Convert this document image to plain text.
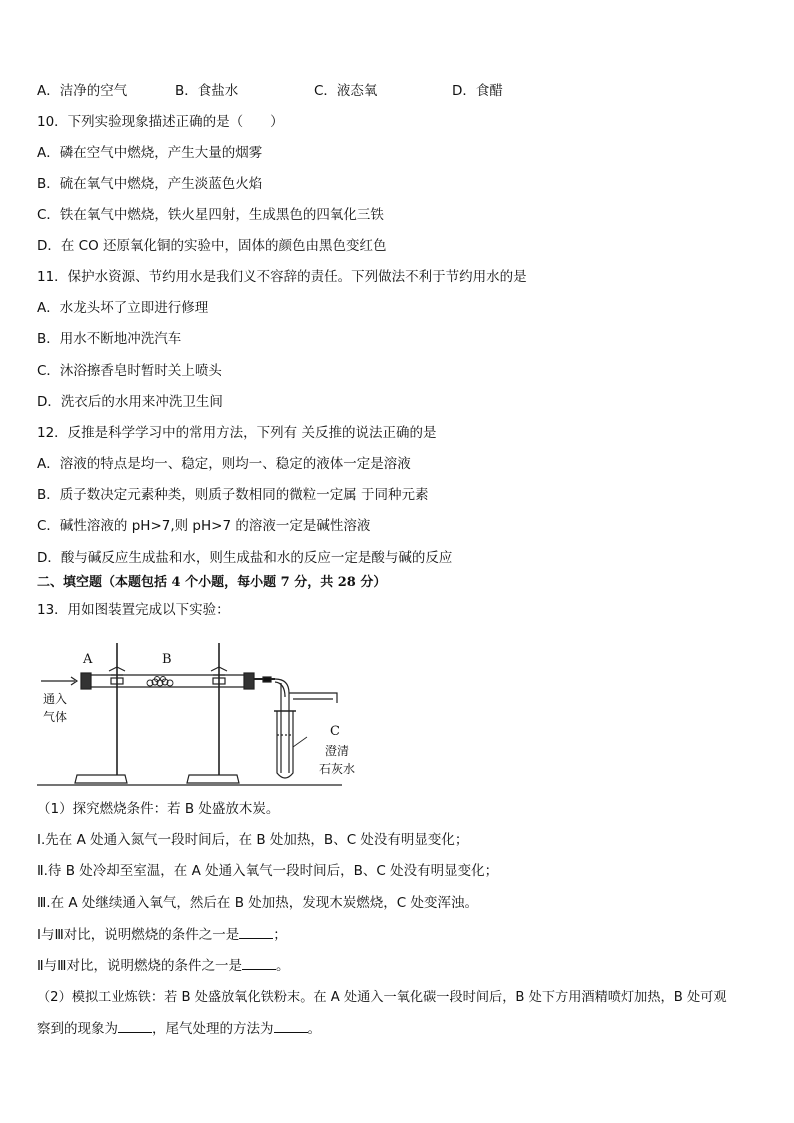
A．洁净的空气	B．食盐水	C．液态氧	D．食醋
10．下列实验现象描述正确的是（　　）
A．磷在空气中燃烧，产生大量的烟雾
B．硫在氧气中燃烧，产生淡蓝色火焰
C．铁在氧气中燃烧，铁火星四射，生成黑色的四氧化三铁
D．在 CO 还原氧化铜的实验中，固体的颜色由黑色变红色
11．保护水资源、节约用水是我们义不容辞的责任。下列做法不利于节约用水的是
A．水龙头坏了立即进行修理
B．用水不断地冲洗汽车
C．沐浴擦香皂时暂时关上喷头
D．洗衣后的水用来冲洗卫生间
12．反推是科学学习中的常用方法，下列有 关反推的说法正确的是
A．溶液的特点是均一、稳定，则均一、稳定的液体一定是溶液
B．质子数决定元素种类，则质子数相同的微粒一定属 于同种元素
C．碱性溶液的 pH>7,则 pH>7 的溶液一定是碱性溶液
D．酸与碱反应生成盐和水，则生成盐和水的反应一定是酸与碱的反应
二、填空题（本题包括 4 个小题，每小题 7 分，共 28 分）
13．用如图装置完成以下实验：
A	B
C
通入
气体
澄清
石灰水
（1）探究燃烧条件：若 B 处盛放木炭。
Ⅰ.先在 A 处通入氮气一段时间后，在 B 处加热，B、C 处没有明显变化；
Ⅱ.待 B 处冷却至室温，在 A 处通入氧气一段时间后，B、C 处没有明显变化；
Ⅲ.在 A 处继续通入氧气，然后在 B 处加热，发现木炭燃烧，C 处变浑浊。
Ⅰ与Ⅲ对比，说明燃烧的条件之一是	；
Ⅱ与Ⅲ对比，说明燃烧的条件之一是	。
（2）模拟工业炼铁：若 B 处盛放氧化铁粉末。在 A 处通入一氧化碳一段时间后，B 处下方用酒精喷灯加热，B 处可观
察到的现象为	，尾气处理的方法为	。
